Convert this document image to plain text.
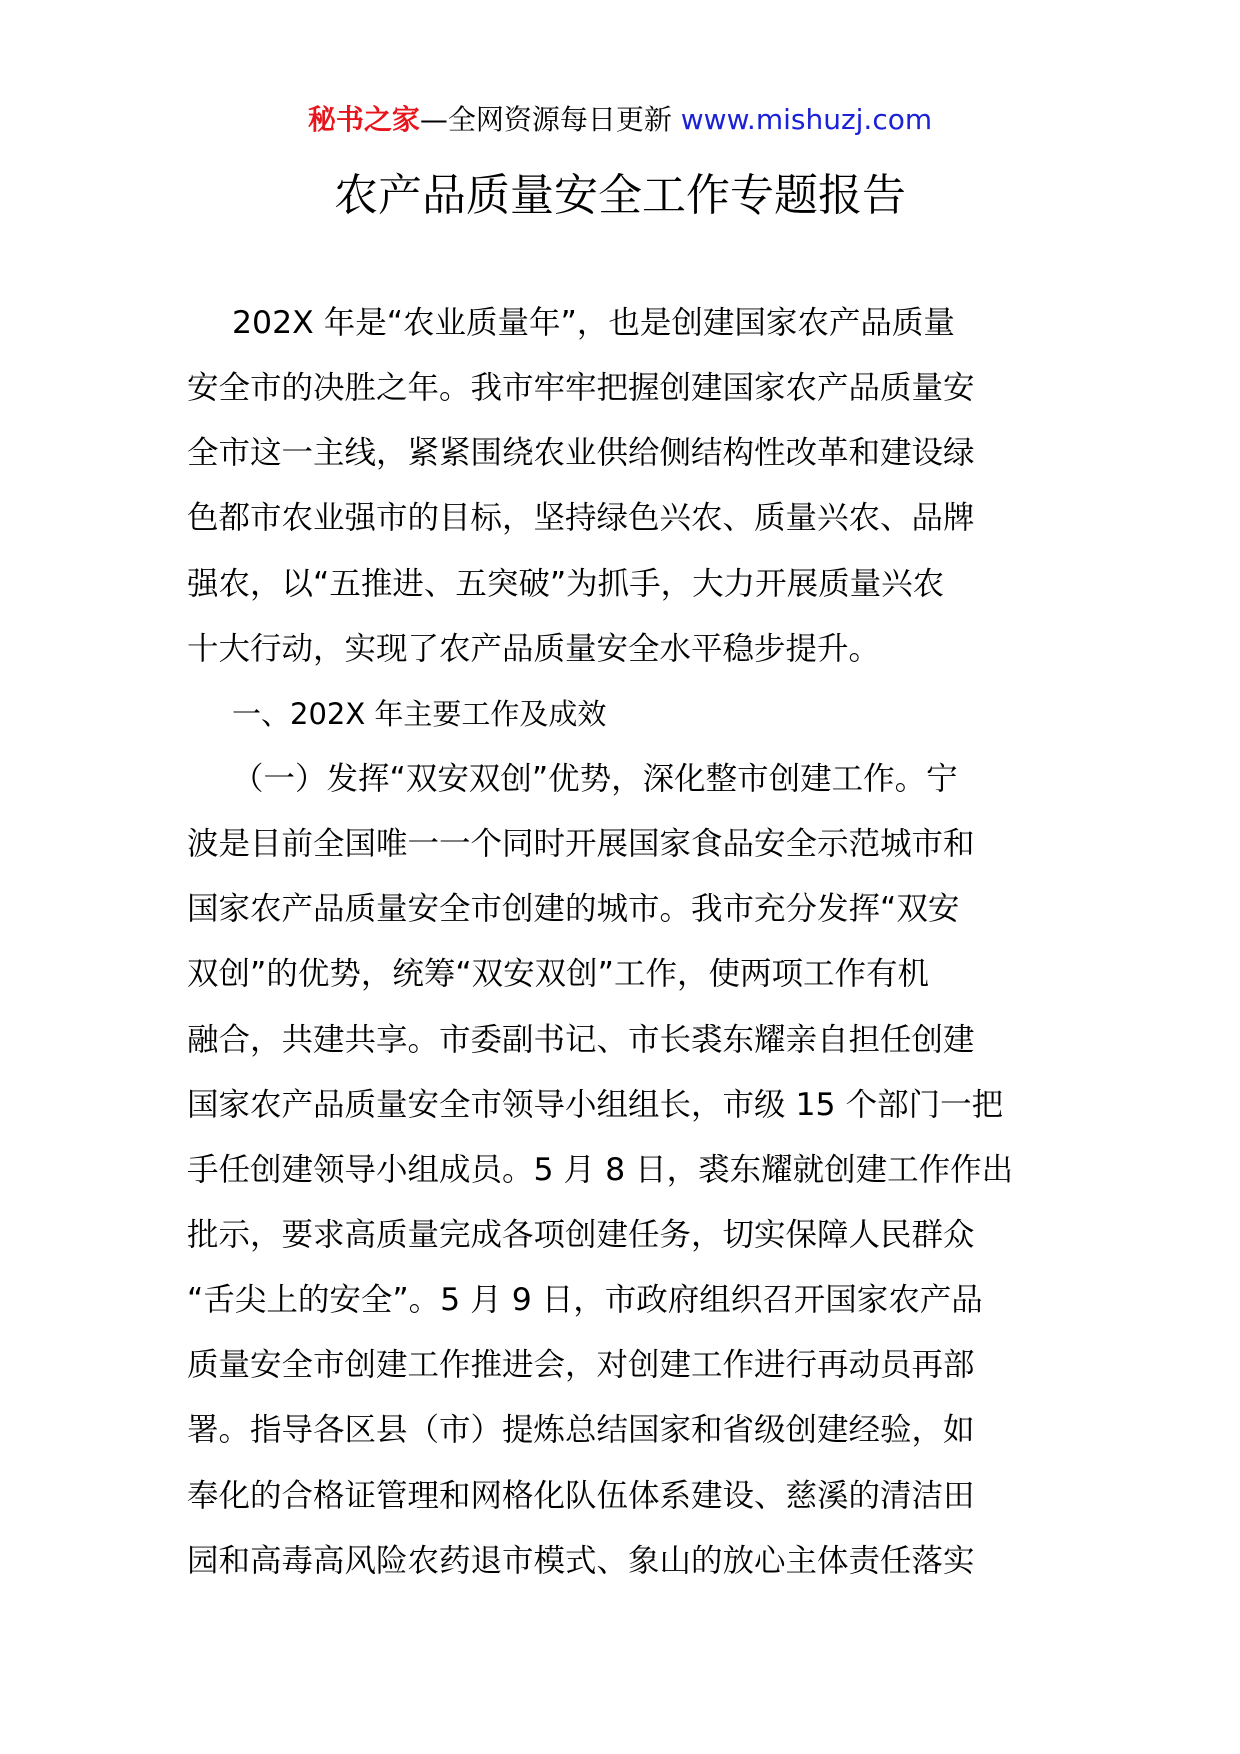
秘书之家—全网资源每日更新 www.mishuzj.com
农产品质量安全工作专题报告
202X 年是“农业质量年”，也是创建国家农产品质量
安全市的决胜之年。我市牢牢把握创建国家农产品质量安
全市这一主线，紧紧围绕农业供给侧结构性改革和建设绿
色都市农业强市的目标，坚持绿色兴农、质量兴农、品牌
强农，以“五推进、五突破”为抓手，大力开展质量兴农
十大行动，实现了农产品质量安全水平稳步提升。
一、202X 年主要工作及成效
（一）发挥“双安双创”优势，深化整市创建工作。宁
波是目前全国唯一一个同时开展国家食品安全示范城市和
国家农产品质量安全市创建的城市。我市充分发挥“双安
双创”的优势，统筹“双安双创”工作，使两项工作有机
融合，共建共享。市委副书记、市长裘东耀亲自担任创建
国家农产品质量安全市领导小组组长，市级 15 个部门一把
手任创建领导小组成员。5 月 8 日，裘东耀就创建工作作出
批示，要求高质量完成各项创建任务，切实保障人民群众
“舌尖上的安全”。5 月 9 日，市政府组织召开国家农产品
质量安全市创建工作推进会，对创建工作进行再动员再部
署。指导各区县（市）提炼总结国家和省级创建经验，如
奉化的合格证管理和网格化队伍体系建设、慈溪的清洁田
园和高毒高风险农药退市模式、象山的放心主体责任落实
